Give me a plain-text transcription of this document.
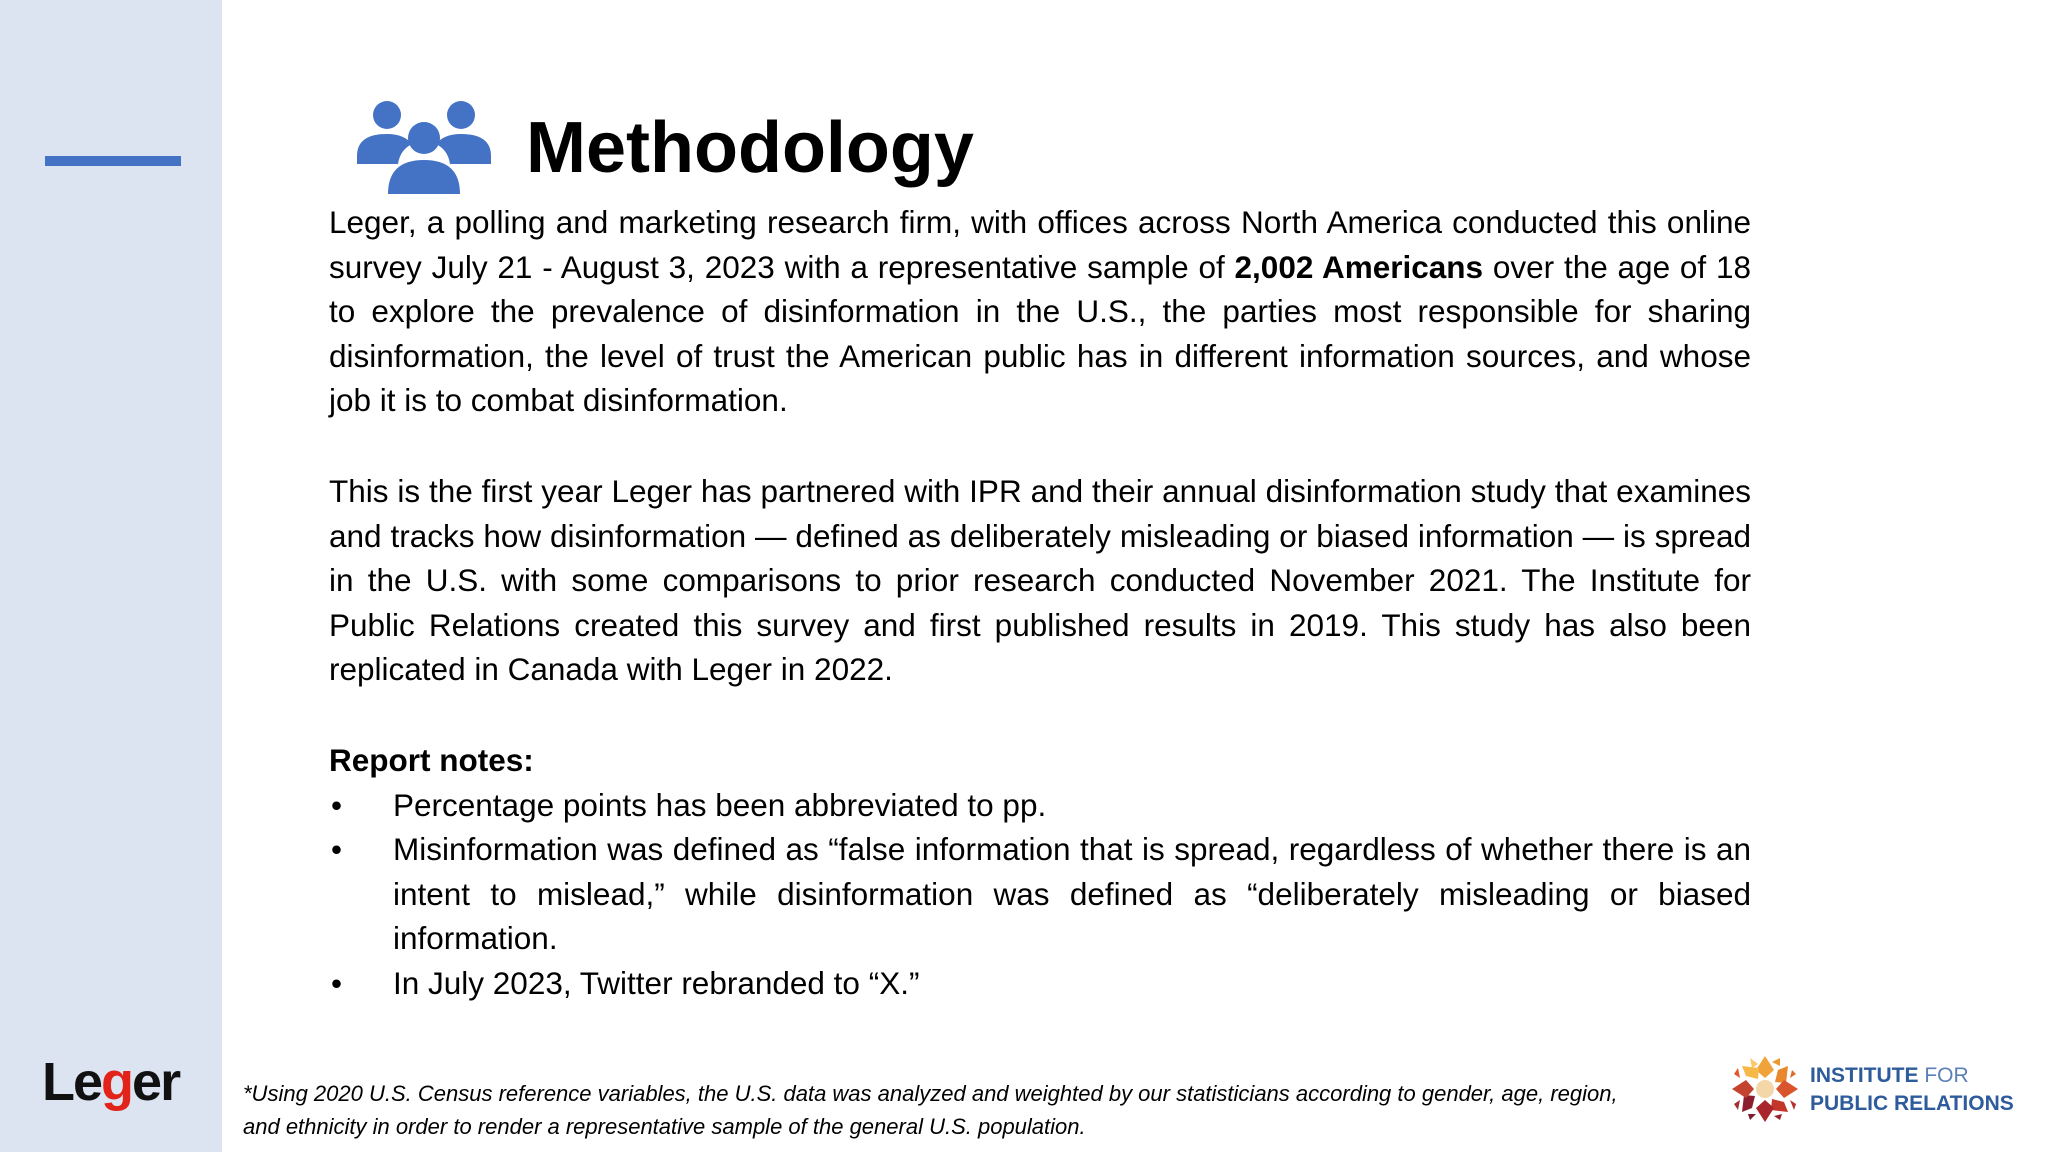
Leger
Methodology

Leger, a polling and marketing research firm, with offices across North America conducted this online survey July 21 - August 3, 2023 with a representative sample of 2,002 Americans over the age of 18 to explore the prevalence of disinformation in the U.S., the parties most responsible for sharing disinformation, the level of trust the American public has in different information sources, and whose job it is to combat disinformation.

This is the first year Leger has partnered with IPR and their annual disinformation study that examines and tracks how disinformation — defined as deliberately misleading or biased information — is spread in the U.S. with some comparisons to prior research conducted November 2021. The Institute for Public Relations created this survey and first published results in 2019. This study has also been replicated in Canada with Leger in 2022.

Report notes:
• Percentage points has been abbreviated to pp.
• Misinformation was defined as “false information that is spread, regardless of whether there is an intent to mislead,” while disinformation was defined as “deliberately misleading or biased information.
• In July 2023, Twitter rebranded to “X.”
*Using 2020 U.S. Census reference variables, the U.S. data was analyzed and weighted by our statisticians according to gender, age, region, and ethnicity in order to render a representative sample of the general U.S. population.
INSTITUTE FOR
PUBLIC RELATIONS
